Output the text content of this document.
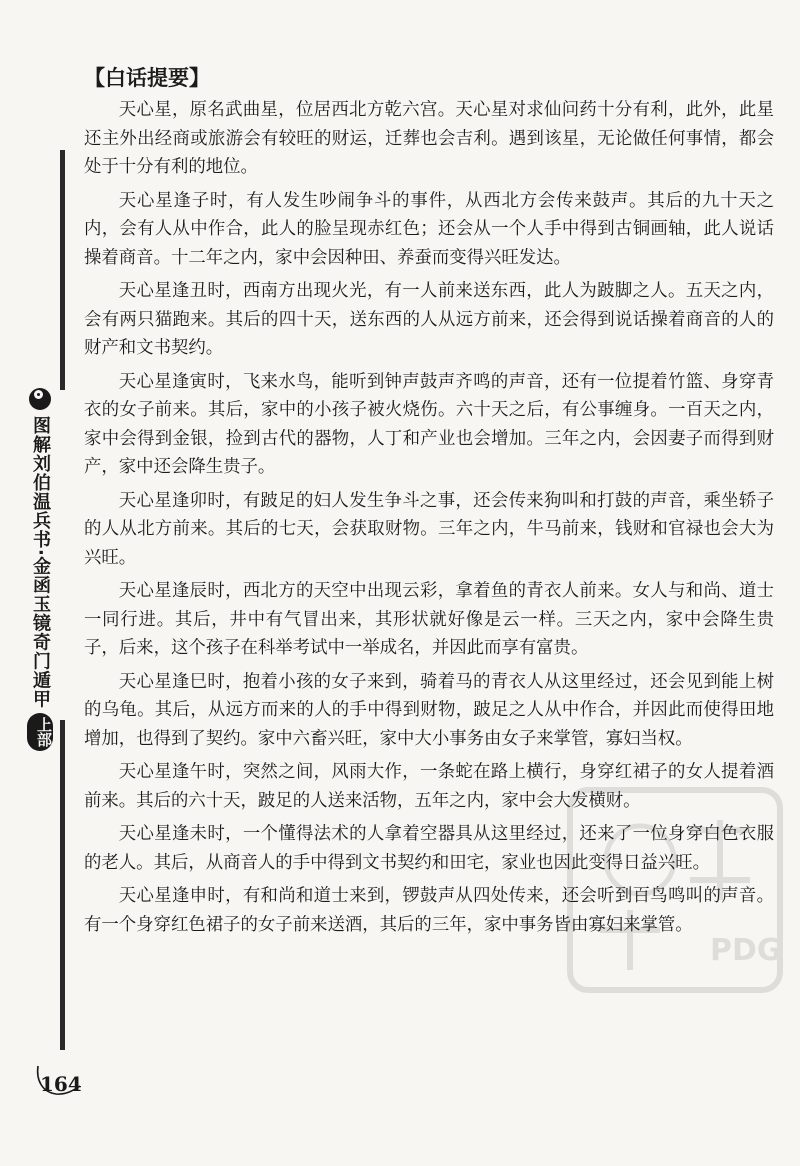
图解刘伯温兵书·金函玉镜奇门遁甲
上部
【白话提要】

天心星，原名武曲星，位居西北方乾六宫。天心星对求仙问药十分有利，此外，此星还主外出经商或旅游会有较旺的财运，迁葬也会吉利。遇到该星，无论做任何事情，都会处于十分有利的地位。

天心星逢子时，有人发生吵闹争斗的事件，从西北方会传来鼓声。其后的九十天之内，会有人从中作合，此人的脸呈现赤红色；还会从一个人手中得到古铜画轴，此人说话操着商音。十二年之内，家中会因种田、养蚕而变得兴旺发达。

天心星逢丑时，西南方出现火光，有一人前来送东西，此人为跛脚之人。五天之内，会有两只猫跑来。其后的四十天，送东西的人从远方前来，还会得到说话操着商音的人的财产和文书契约。

天心星逢寅时，飞来水鸟，能听到钟声鼓声齐鸣的声音，还有一位提着竹篮、身穿青衣的女子前来。其后，家中的小孩子被火烧伤。六十天之后，有公事缠身。一百天之内，家中会得到金银，捡到古代的器物，人丁和产业也会增加。三年之内，会因妻子而得到财产，家中还会降生贵子。

天心星逢卯时，有跛足的妇人发生争斗之事，还会传来狗叫和打鼓的声音，乘坐轿子的人从北方前来。其后的七天，会获取财物。三年之内，牛马前来，钱财和官禄也会大为兴旺。

天心星逢辰时，西北方的天空中出现云彩，拿着鱼的青衣人前来。女人与和尚、道士一同行进。其后，井中有气冒出来，其形状就好像是云一样。三天之内，家中会降生贵子，后来，这个孩子在科举考试中一举成名，并因此而享有富贵。

天心星逢巳时，抱着小孩的女子来到，骑着马的青衣人从这里经过，还会见到能上树的乌龟。其后，从远方而来的人的手中得到财物，跛足之人从中作合，并因此而使得田地增加，也得到了契约。家中六畜兴旺，家中大小事务由女子来掌管，寡妇当权。

天心星逢午时，突然之间，风雨大作，一条蛇在路上横行，身穿红裙子的女人提着酒前来。其后的六十天，跛足的人送来活物，五年之内，家中会大发横财。

天心星逢未时，一个懂得法术的人拿着空器具从这里经过，还来了一位身穿白色衣服的老人。其后，从商音人的手中得到文书契约和田宅，家业也因此变得日益兴旺。

天心星逢申时，有和尚和道士来到，锣鼓声从四处传来，还会听到百鸟鸣叫的声音。有一个身穿红色裙子的女子前来送酒，其后的三年，家中事务皆由寡妇来掌管。

164
PDG
